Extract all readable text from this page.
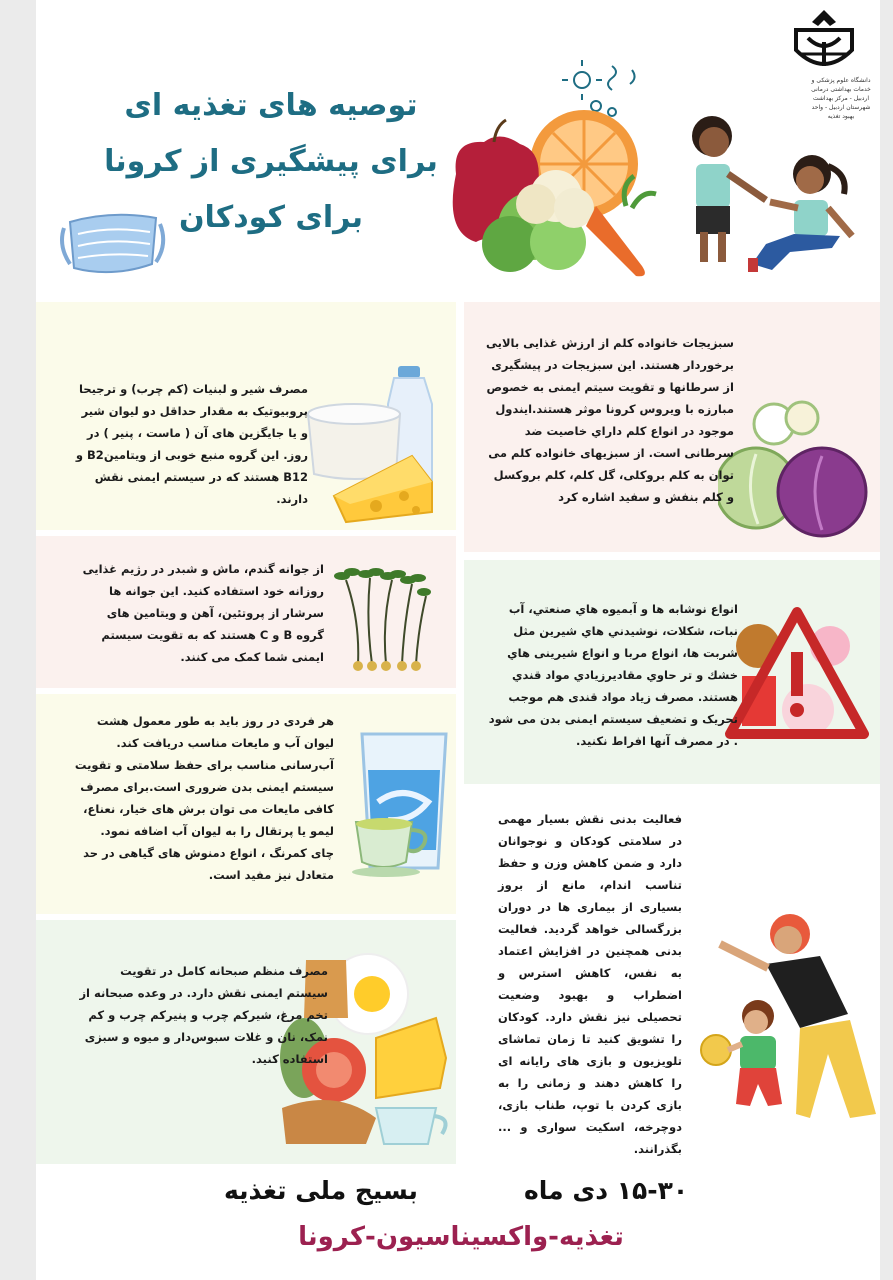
توصیه های تغذیه ای
برای پیشگیری از کرونا
برای کودکان
دانشگاه علوم پزشکی و خدمات بهداشتی درمانی اردبیل - مرکز بهداشت شهرستان اردبیل - واحد بهبود تغذیه
مصرف شیر و لبنیات (کم چرب) و ترجیحا پروبیوتیک به مقدار حداقل دو لیوان شیر و یا جایگزین های آن ( ماست ، پنیر ) در روز. این گروه منبع خوبی از ویتامینB2 و B12 هستند که در سیستم ایمنی نقش دارند.
از جوانه گندم، ماش و شبدر در رژیم غذایی روزانه خود استفاده کنید. این جوانه ها سرشار از پروتئین، آهن و ویتامین های گروه B و C هستند که به تقویت سیستم ایمنی شما کمک می کنند.
هر فردی در روز باید به طور معمول هشت لیوان آب و مایعات مناسب دریافت کند. آب‌رسانی مناسب برای حفظ سلامتی و تقویت سیستم ایمنی بدن ضروری است.برای مصرف کافی مایعات می توان برش های خیار، نعناع، لیمو یا پرتقال را به لیوان آب اضافه نمود. چای کمرنگ ، انواع دمنوش های گیاهی در حد متعادل نیز مفید است.
مصرف منظم صبحانه کامل در تقویت سیستم ایمنی نقش دارد. در وعده صبحانه از تخم مرغ، شیرکم چرب و پنیرکم چرب و کم نمک، نان و غلات سبوس‌دار و میوه و سبزی استفاده کنید.
سبزیجات خانواده کلم از ارزش غذایی بالایی برخوردار هستند. این سبزیجات در پیشگیری از سرطانها و تقویت سیتم ایمنی به خصوص مبارزه با ویروس کرونا موثر هستند.ایندول موجود در انواع کلم داراي خاصیت ضد سرطانی است. از سبزیهای خانواده کلم می توان به کلم بروکلی، گل کلم، کلم بروکسل و کلم بنفش و سفید اشاره کرد
انواع نوشابه ها و آبمیوه هاي صنعتي، آب نبات، شكلات، نوشيدني هاي شيرين مثل شربت ها، انواع مربا و انواع شيرينى هاي خشك و تر حاوي مقاديرزيادي مواد قندي هستند. مصرف زياد مواد قندی هم موجب تحریک و تضعیف سیستم ایمنی بدن می شود . در مصرف آنها افراط نکنید.
فعالیت بدنی نقش بسیار مهمی در سلامتی کودکان و نوجوانان دارد و ضمن کاهش وزن و حفظ تناسب اندام، مانع از بروز بسیاری از بیماری ها در دوران بزرگسالی خواهد گردید. فعالیت بدنی همچنین در افزایش اعتماد به نفس، کاهش استرس و اضطراب و بهبود وضعیت تحصیلی نیز نقش دارد. کودکان را تشویق کنید تا زمان تماشای تلویزیون و بازی های رایانه ای را کاهش دهند و زمانی را به بازی کردن با توپ، طناب بازی، دوچرخه، اسکیت سواری و ... بگذرانند.
بسیج ملی تغذیه	۱۵-۳۰ دی ماه
تغذیه-واکسیناسیون-کرونا
